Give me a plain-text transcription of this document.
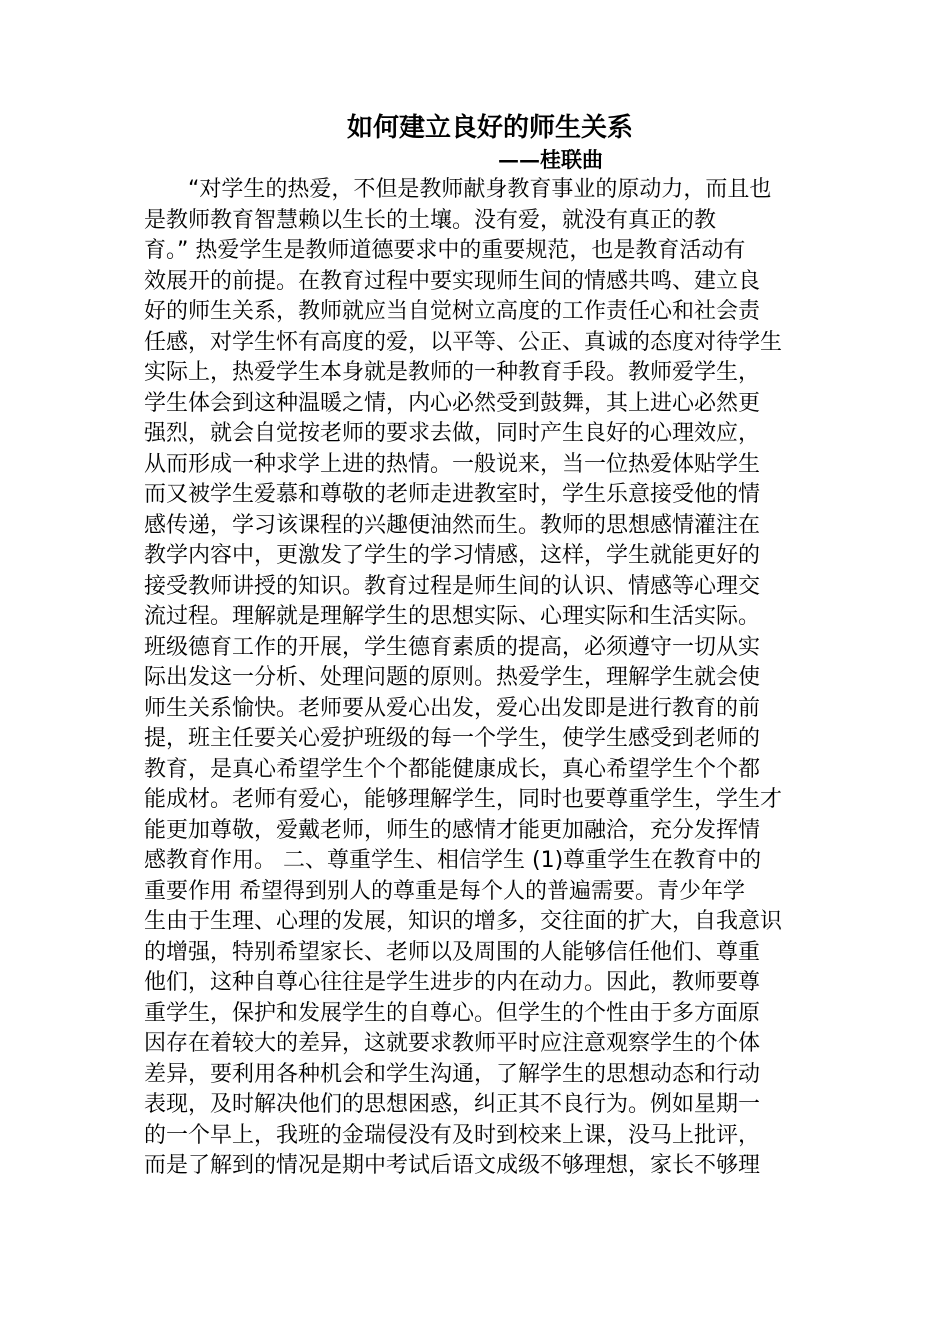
如何建立良好的师生关系
——桂联曲
“对学生的热爱，不但是教师献身教育事业的原动力，而且也
是教师教育智慧赖以生长的土壤。没有爱，就没有真正的教
育。” 热爱学生是教师道德要求中的重要规范，也是教育活动有
效展开的前提。在教育过程中要实现师生间的情感共鸣、建立良
好的师生关系，教师就应当自觉树立高度的工作责任心和社会责
任感，对学生怀有高度的爱，以平等、公正、真诚的态度对待学生
实际上，热爱学生本身就是教师的一种教育手段。教师爱学生，
学生体会到这种温暖之情，内心必然受到鼓舞，其上进心必然更
强烈，就会自觉按老师的要求去做，同时产生良好的心理效应，
从而形成一种求学上进的热情。一般说来，当一位热爱体贴学生
而又被学生爱慕和尊敬的老师走进教室时，学生乐意接受他的情
感传递，学习该课程的兴趣便油然而生。教师的思想感情灌注在
教学内容中，更激发了学生的学习情感，这样，学生就能更好的
接受教师讲授的知识。教育过程是师生间的认识、情感等心理交
流过程。理解就是理解学生的思想实际、心理实际和生活实际。
班级德育工作的开展，学生德育素质的提高，必须遵守一切从实
际出发这一分析、处理问题的原则。热爱学生，理解学生就会使
师生关系愉快。老师要从爱心出发，爱心出发即是进行教育的前
提，班主任要关心爱护班级的每一个学生，使学生感受到老师的
教育，是真心希望学生个个都能健康成长，真心希望学生个个都
能成材。老师有爱心，能够理解学生，同时也要尊重学生，学生才
能更加尊敬，爱戴老师，师生的感情才能更加融洽，充分发挥情
感教育作用。 二、尊重学生、相信学生 (1)尊重学生在教育中的
重要作用 希望得到别人的尊重是每个人的普遍需要。青少年学
生由于生理、心理的发展，知识的增多，交往面的扩大，自我意识
的增强，特别希望家长、老师以及周围的人能够信任他们、尊重
他们，这种自尊心往往是学生进步的内在动力。因此，教师要尊
重学生，保护和发展学生的自尊心。但学生的个性由于多方面原
因存在着较大的差异，这就要求教师平时应注意观察学生的个体
差异，要利用各种机会和学生沟通，了解学生的思想动态和行动
表现，及时解决他们的思想困惑，纠正其不良行为。例如星期一
的一个早上，我班的金瑞侵没有及时到校来上课，没马上批评，
而是了解到的情况是期中考试后语文成级不够理想，家长不够理
